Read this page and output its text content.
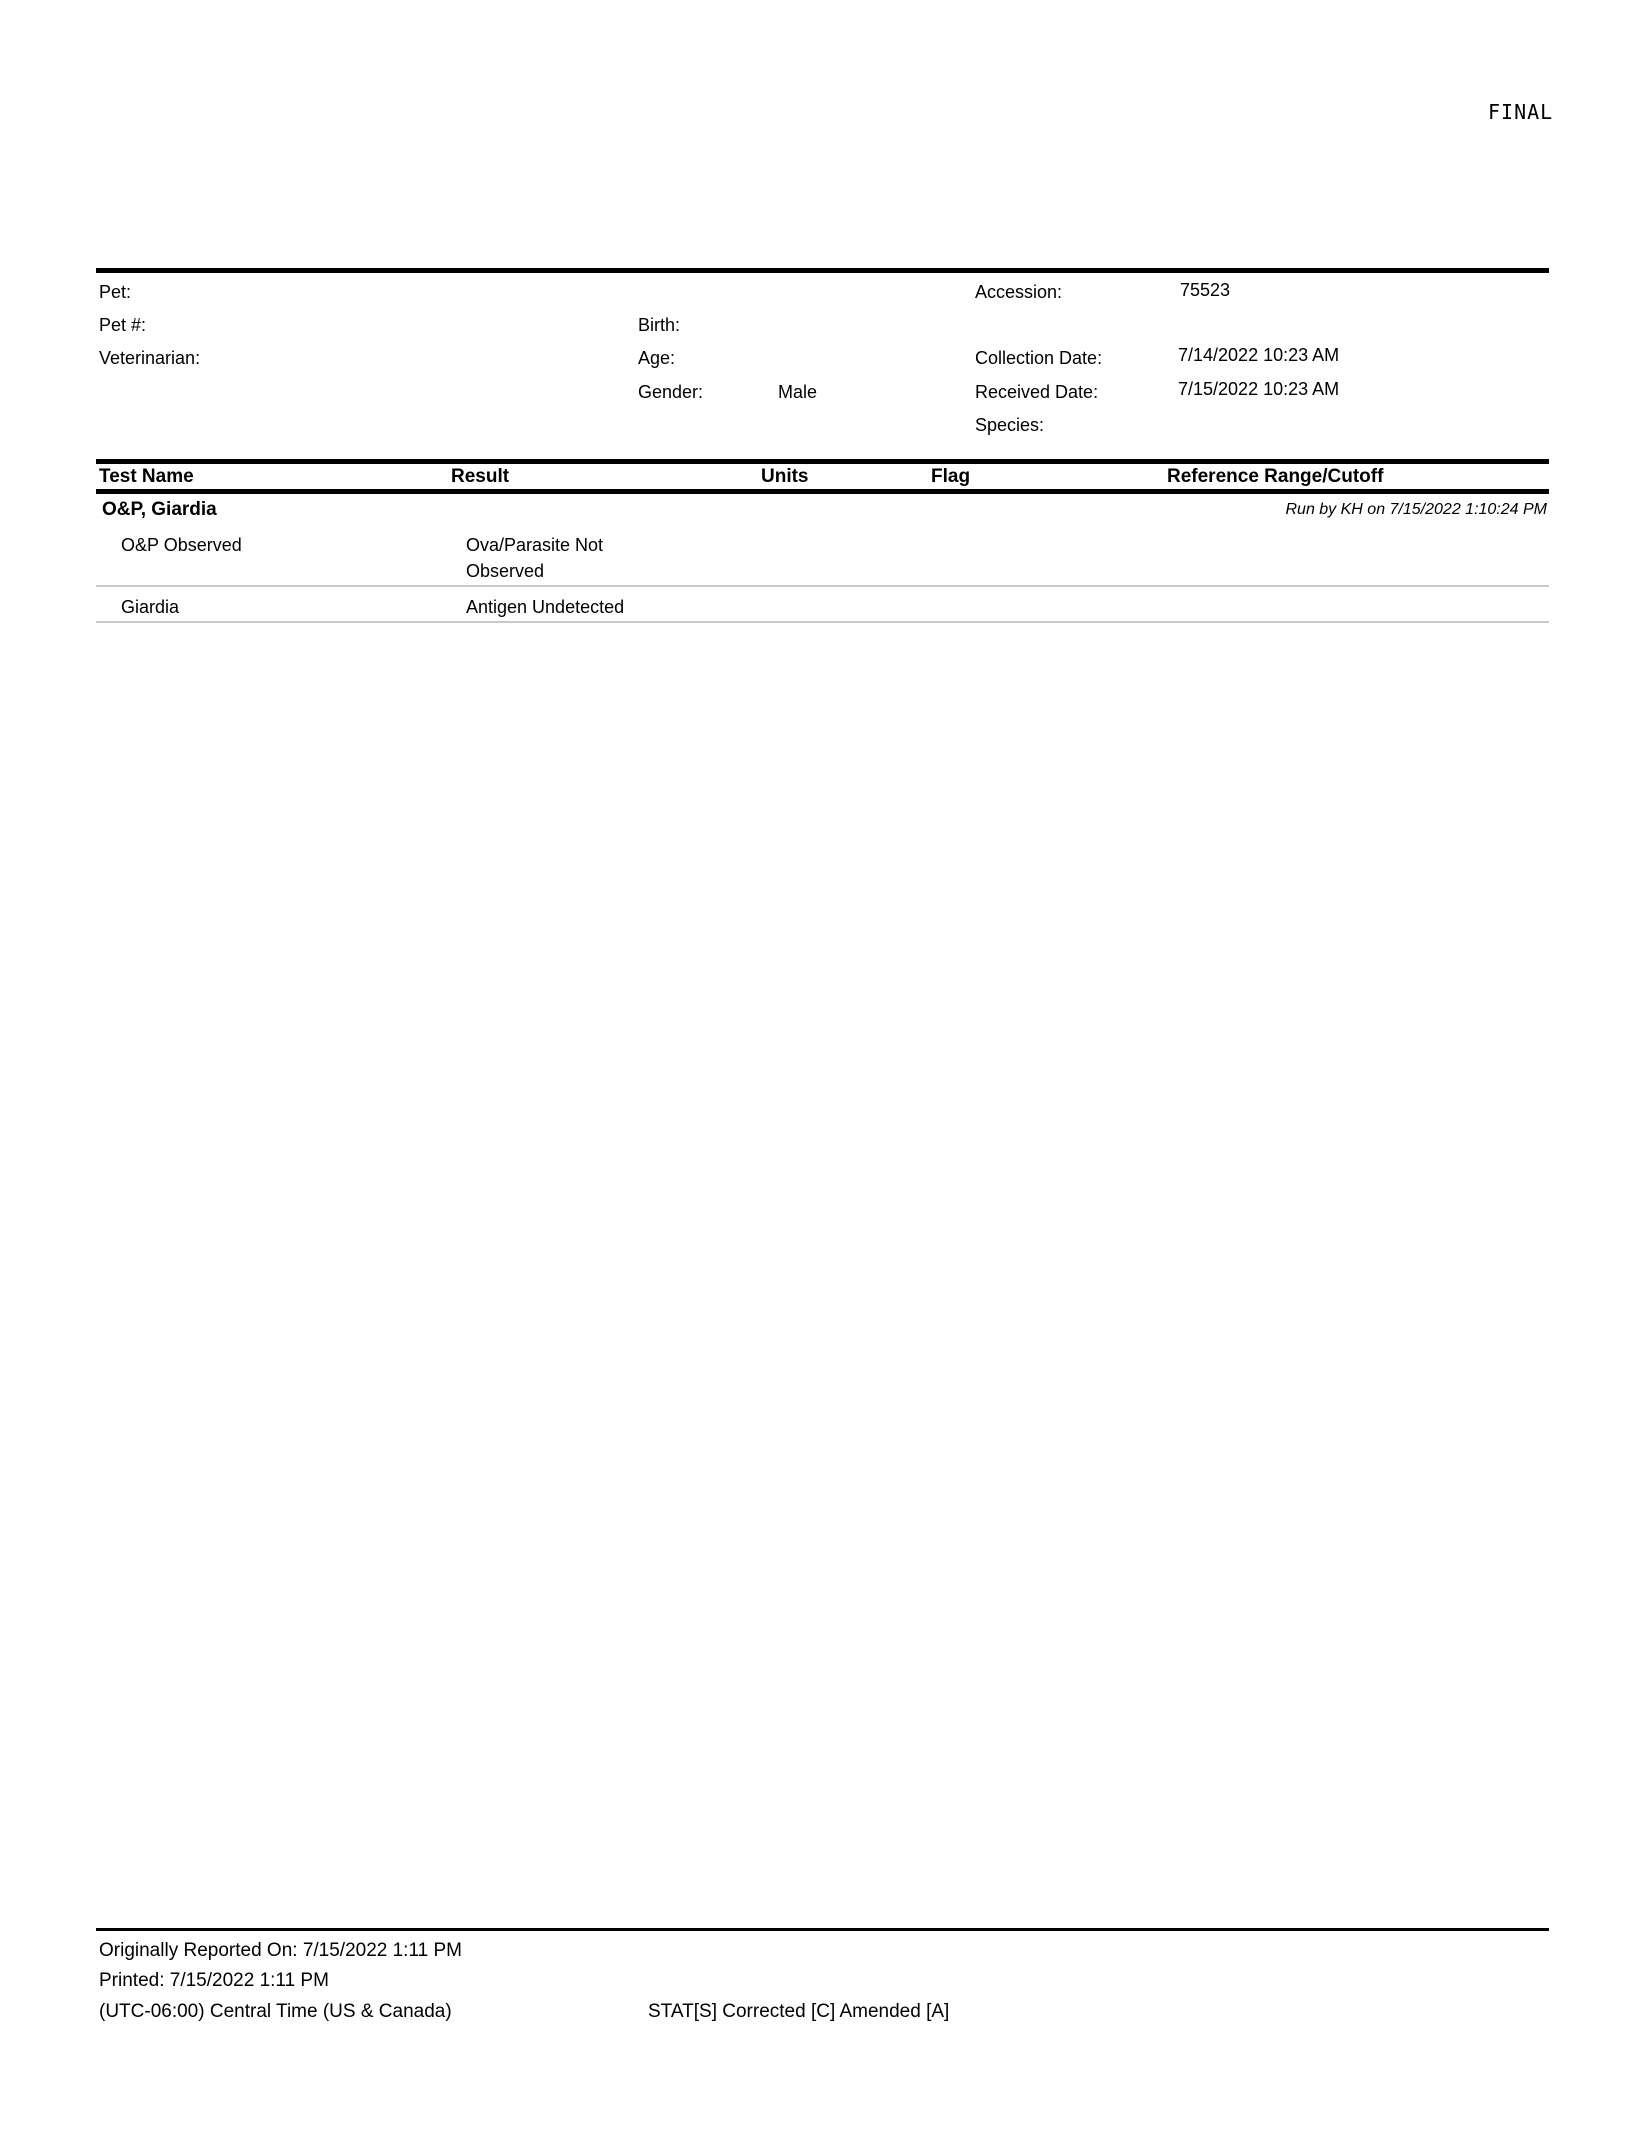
FINAL
Pet:
Pet #:
Veterinarian:
Birth:
Age:
Gender:	Male
Accession:	75523
Collection Date:	7/14/2022 10:23 AM
Received Date:	7/15/2022 10:23 AM
Species:
Test Name	Result	Units	Flag	Reference Range/Cutoff
O&P, Giardia	Run by KH on 7/15/2022 1:10:24 PM
O&P Observed	Ova/Parasite Not Observed
Giardia	Antigen Undetected
Originally Reported On: 7/15/2022 1:11 PM
Printed: 7/15/2022 1:11 PM
(UTC-06:00) Central Time (US & Canada)	STAT[S] Corrected [C] Amended [A]
